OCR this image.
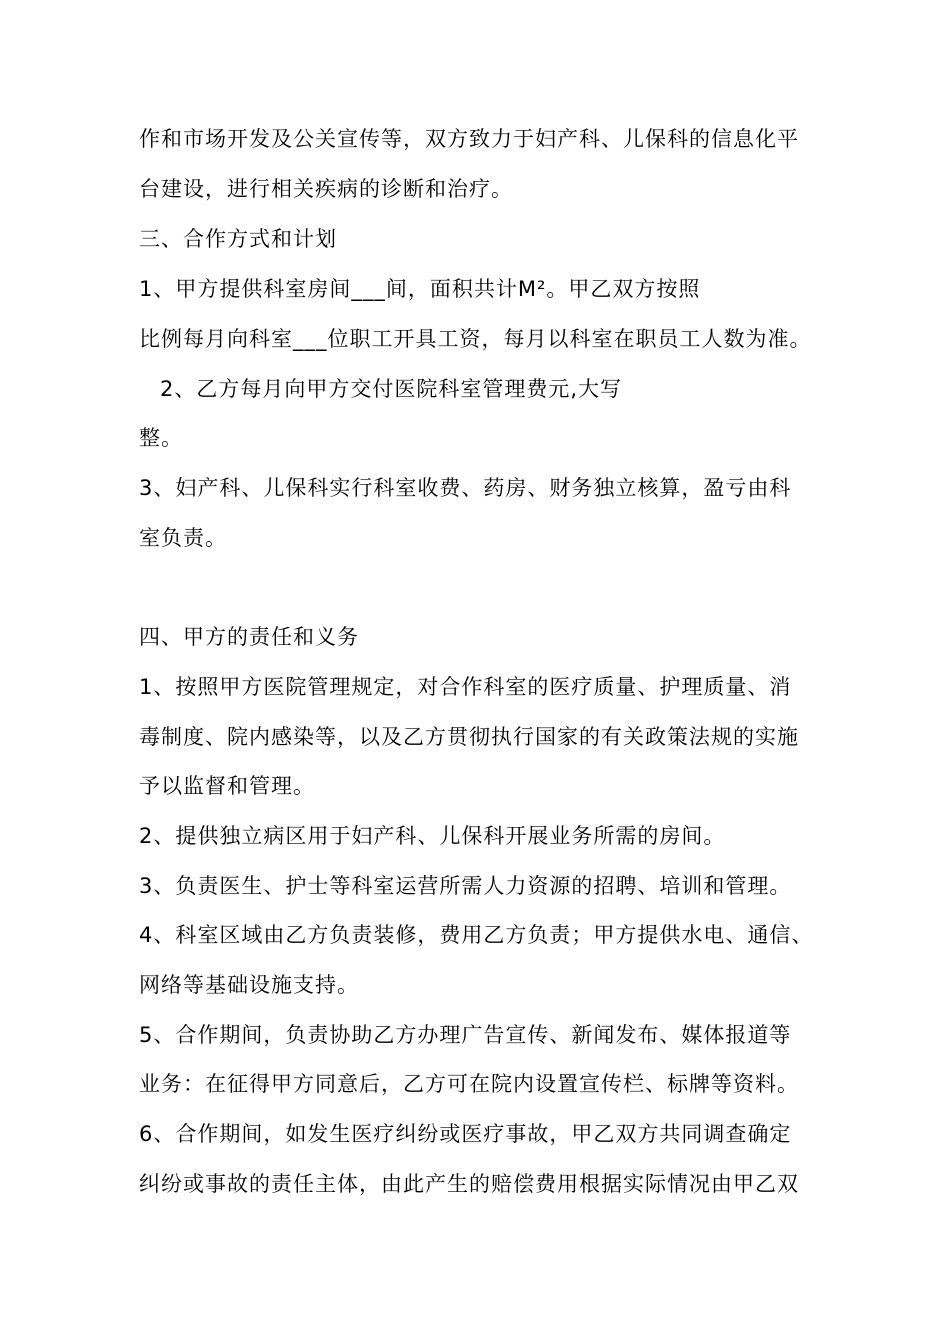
作和市场开发及公关宣传等，双方致力于妇产科、儿保科的信息化平
台建设，进行相关疾病的诊断和治疗。
三、合作方式和计划
1、甲方提供科室房间___间，面积共计M²。甲乙双方按照
比例每月向科室___位职工开具工资，每月以科室在职员工人数为准。
2、乙方每月向甲方交付医院科室管理费元,大写
整。
3、妇产科、儿保科实行科室收费、药房、财务独立核算，盈亏由科
室负责。
四、甲方的责任和义务
1、按照甲方医院管理规定，对合作科室的医疗质量、护理质量、消
毒制度、院内感染等，以及乙方贯彻执行国家的有关政策法规的实施
予以监督和管理。
2、提供独立病区用于妇产科、儿保科开展业务所需的房间。
3、负责医生、护士等科室运营所需人力资源的招聘、培训和管理。
4、科室区域由乙方负责装修，费用乙方负责；甲方提供水电、通信、
网络等基础设施支持。
5、合作期间，负责协助乙方办理广告宣传、新闻发布、媒体报道等
业务：在征得甲方同意后，乙方可在院内设置宣传栏、标牌等资料。
6、合作期间，如发生医疗纠纷或医疗事故，甲乙双方共同调查确定
纠纷或事故的责任主体，由此产生的赔偿费用根据实际情况由甲乙双
